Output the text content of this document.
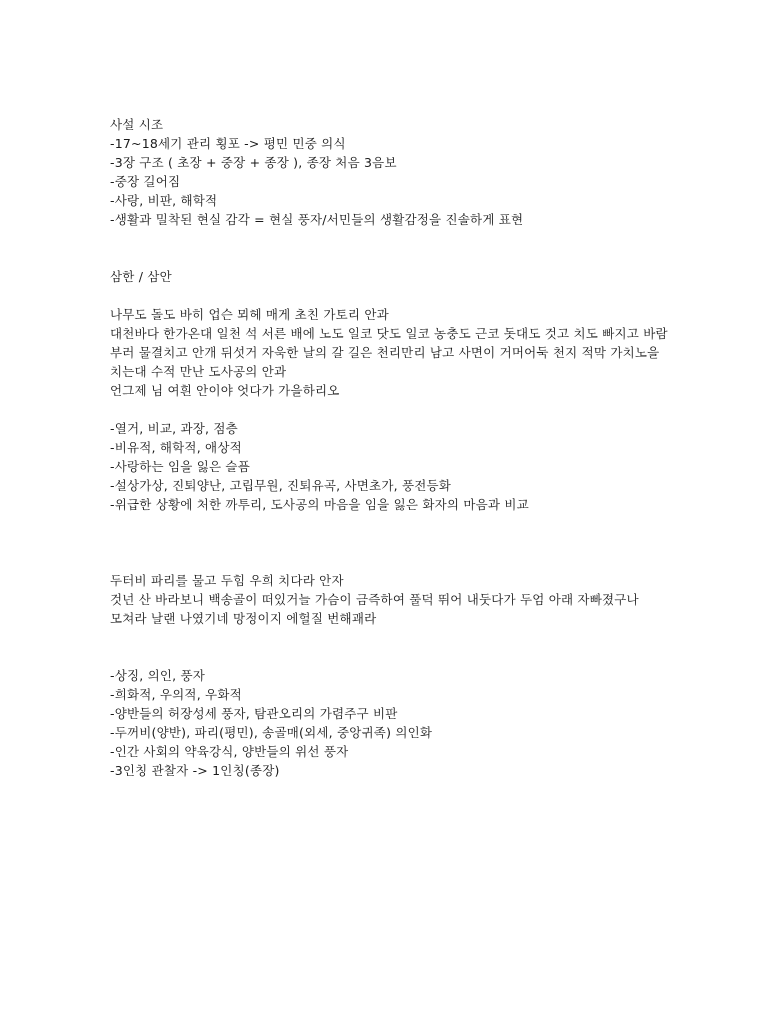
사설 시조
-17~18세기 관리 횡포 -> 평민 민중 의식
-3장 구조 ( 초장 + 중장 + 종장 ), 종장 처음 3음보
-중장 길어짐
-사랑, 비판, 해학적
-생활과 밀착된 현실 감각 = 현실 풍자/서민들의 생활감정을 진솔하게 표현
삼한 / 삼안
나무도 돌도 바히 업슨 뫼헤 매게 초친 가토리 안과
대천바다 한가온대 일천 석 서른 배에 노도 일코 닷도 일코 농충도 근코 돗대도 것고 치도 빠지고 바람 부러 물결치고 안개 뒤섯거 자욱한 날의 갈 길은 천리만리 남고 사면이 거머어둑 천지 적막 가치노을 치는대 수적 만난 도사공의 안과
언그제 님 여흰 안이야 엇다가 가을하리오
-열거, 비교, 과장, 점층
-비유적, 해학적, 애상적
-사랑하는 임을 잃은 슬픔
-설상가상, 진퇴양난, 고립무원, 진퇴유곡, 사면초가, 풍전등화
-위급한 상황에 처한 까투리, 도사공의 마음을 임을 잃은 화자의 마음과 비교
두터비 파리를 물고 두힘 우희 치다라 안자
것넌 산 바라보니 백송골이 떠있거늘 가슴이 금즉하여 풀덕 뛰어 내둣다가 두엄 아래 자빠졌구나
모쳐라 날랜 나였기네 망정이지 에헐질 번해괘라
-상징, 의인, 풍자
-희화적, 우의적, 우화적
-양반들의 허장성세 풍자, 탐관오리의 가렴주구 비판
-두꺼비(양반), 파리(평민), 송골매(외세, 중앙귀족) 의인화
-인간 사회의 약육강식, 양반들의 위선 풍자
-3인칭 관찰자 -> 1인칭(종장)
